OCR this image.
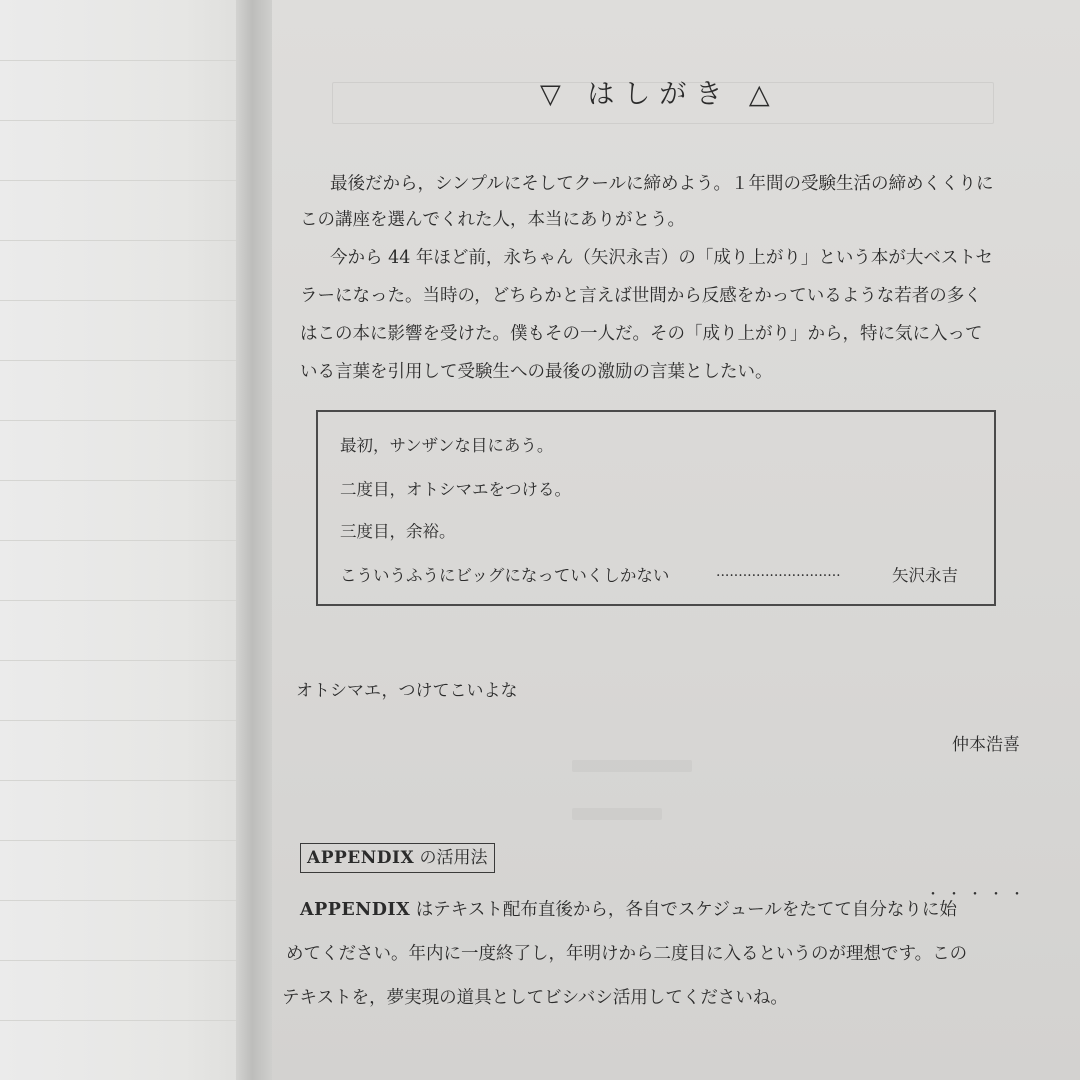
▽ はしがき △
最後だから，シンプルにそしてクールに締めよう。１年間の受験生活の締めくくりに
この講座を選んでくれた人，本当にありがとう。
今から 44 年ほど前，永ちゃん（矢沢永吉）の「成り上がり」という本が大ベストセ
ラーになった。当時の，どちらかと言えば世間から反感をかっているような若者の多く
はこの本に影響を受けた。僕もその一人だ。その「成り上がり」から，特に気に入って
いる言葉を引用して受験生への最後の激励の言葉としたい。
最初，サンザンな目にあう。
二度目，オトシマエをつける。
三度目，余裕。
こういうふうにビッグになっていくしかない	............................	矢沢永吉
オトシマエ，つけてこいよな
仲本浩喜
APPENDIX の活用法
・・・・・
APPENDIX はテキスト配布直後から，各自でスケジュールをたてて自分なりに始
めてください。年内に一度終了し，年明けから二度目に入るというのが理想です。この
テキストを，夢実現の道具としてビシバシ活用してくださいね。
